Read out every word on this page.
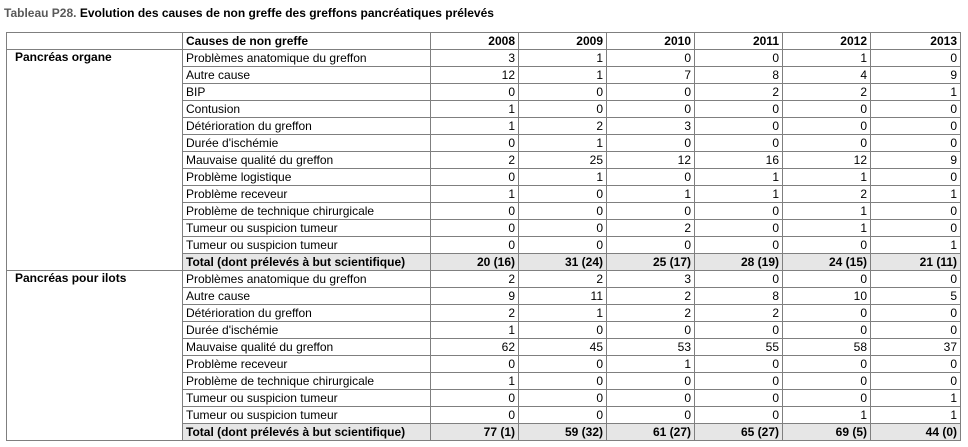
Tableau P28. Evolution des causes de non greffe des greffons pancréatiques prélevés
	Causes de non greffe	2008	2009	2010	2011	2012	2013
Pancréas organe	Problèmes anatomique du greffon	3	1	0	0	1	0
	Autre cause	12	1	7	8	4	9
	BIP	0	0	0	2	2	1
	Contusion	1	0	0	0	0	0
	Détérioration du greffon	1	2	3	0	0	0
	Durée d'ischémie	0	1	0	0	0	0
	Mauvaise qualité du greffon	2	25	12	16	12	9
	Problème logistique	0	1	0	1	1	0
	Problème receveur	1	0	1	1	2	1
	Problème de technique chirurgicale	0	0	0	0	1	0
	Tumeur ou suspicion tumeur	0	0	2	0	1	0
	Tumeur ou suspicion tumeur	0	0	0	0	0	1
	Total (dont prélevés à but scientifique)	20 (16)	31 (24)	25 (17)	28 (19)	24 (15)	21 (11)
Pancréas pour ilots	Problèmes anatomique du greffon	2	2	3	0	0	0
	Autre cause	9	11	2	8	10	5
	Détérioration du greffon	2	1	2	2	0	0
	Durée d'ischémie	1	0	0	0	0	0
	Mauvaise qualité du greffon	62	45	53	55	58	37
	Problème receveur	0	0	1	0	0	0
	Problème de technique chirurgicale	1	0	0	0	0	0
	Tumeur ou suspicion tumeur	0	0	0	0	0	1
	Tumeur ou suspicion tumeur	0	0	0	0	1	1
	Total (dont prélevés à but scientifique)	77 (1)	59 (32)	61 (27)	65 (27)	69 (5)	44 (0)
